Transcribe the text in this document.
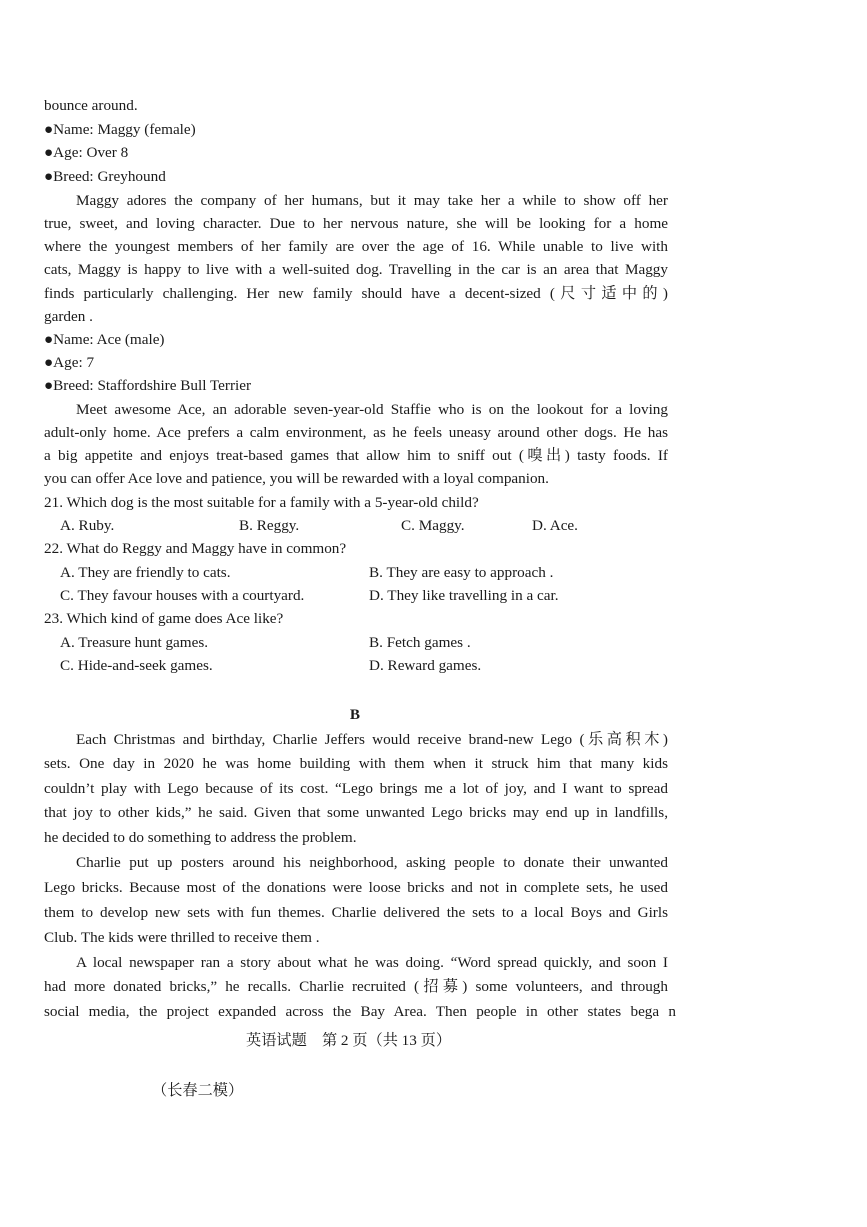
bounce around.
●Name: Maggy (female)
●Age: Over 8
●Breed: Greyhound
Maggy adores the company of her humans, but it may take her a while to show off her
true, sweet, and loving character. Due to her nervous nature, she will be looking for a home
where the youngest members of her family are over the age of 16. While unable to live with
cats, Maggy is happy to live with a well-suited dog. Travelling in the car is an area that Maggy
finds particularly challenging. Her new family should have a decent-sized (尺寸适中的)
garden .
●Name: Ace (male)
●Age: 7
●Breed: Staffordshire Bull Terrier
Meet awesome Ace, an adorable seven-year-old Staffie who is on the lookout for a loving
adult-only home. Ace prefers a calm environment, as he feels uneasy around other dogs. He has
a big appetite and enjoys treat-based games that allow him to sniff out (嗅出) tasty foods. If
you can offer Ace love and patience, you will be rewarded with a loyal companion.
21. Which dog is the most suitable for a family with a 5-year-old child?
A. Ruby.	B. Reggy.	C. Maggy.	D. Ace.
22. What do Reggy and Maggy have in common?
A. They are friendly to cats.	B. They are easy to approach .
C. They favour houses with a courtyard.	D. They like travelling in a car.
23. Which kind of game does Ace like?
A. Treasure hunt games.	B. Fetch games .
C. Hide-and-seek games.	D. Reward games.
B
Each Christmas and birthday, Charlie Jeffers would receive brand-new Lego (乐高积木)
sets. One day in 2020 he was home building with them when it struck him that many kids
couldn’t play with Lego because of its cost. “Lego brings me a lot of joy, and I want to spread
that joy to other kids,” he said. Given that some unwanted Lego bricks may end up in landfills,
he decided to do something to address the problem.
Charlie put up posters around his neighborhood, asking people to donate their unwanted
Lego bricks. Because most of the donations were loose bricks and not in complete sets, he used
them to develop new sets with fun themes. Charlie delivered the sets to a local Boys and Girls
Club. The kids were thrilled to receive them .
A local newspaper ran a story about what he was doing. “Word spread quickly, and soon I
had more donated bricks,” he recalls. Charlie recruited (招募) some volunteers, and through
social media, the project expanded across the Bay Area. Then people in other states bega n
英语试题　第 2 页（共 13 页）
（长春二模）
